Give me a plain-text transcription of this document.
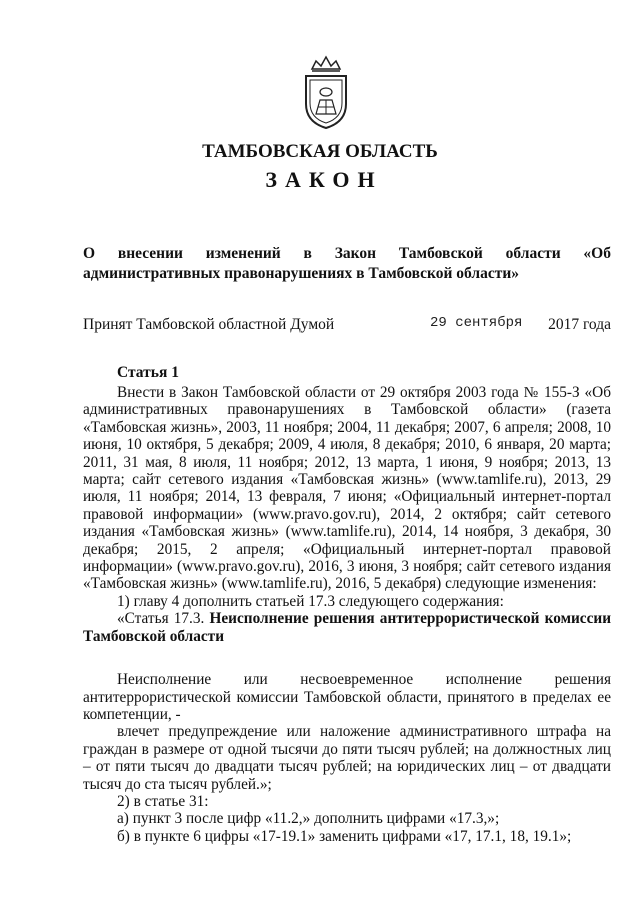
ТАМБОВСКАЯ ОБЛАСТЬ
ЗАКОН
О внесении изменений в Закон Тамбовской области «Об
административных правонарушениях в Тамбовской области»
Принят Тамбовской областной Думой	29 сентября 2017 года
Статья 1
Внести в Закон Тамбовской области от 29 октября 2003 года № 155-З «Об
административных правонарушениях в Тамбовской области» (газета
«Тамбовская жизнь», 2003, 11 ноября; 2004, 11 декабря; 2007, 6 апреля; 2008, 10
июня, 10 октября, 5 декабря; 2009, 4 июля, 8 декабря; 2010, 6 января, 20 марта;
2011, 31 мая, 8 июля, 11 ноября; 2012, 13 марта, 1 июня, 9 ноября; 2013, 13
марта; сайт сетевого издания «Тамбовская жизнь» (www.tamlife.ru), 2013, 29
июля, 11 ноября; 2014, 13 февраля, 7 июня; «Официальный интернет-портал
правовой информации» (www.pravo.gov.ru), 2014, 2 октября; сайт сетевого
издания «Тамбовская жизнь» (www.tamlife.ru), 2014, 14 ноября, 3 декабря, 30
декабря; 2015, 2 апреля; «Официальный интернет-портал правовой
информации» (www.pravo.gov.ru), 2016, 3 июня, 3 ноября; сайт сетевого издания
«Тамбовская жизнь» (www.tamlife.ru), 2016, 5 декабря) следующие изменения:
1) главу 4 дополнить статьей 17.3 следующего содержания:
«Статья 17.3. Неисполнение решения антитеррористической комиссии
Тамбовской области
Неисполнение или несвоевременное исполнение решения
антитеррористической комиссии Тамбовской области, принятого в пределах ее
компетенции, -
влечет предупреждение или наложение административного штрафа на
граждан в размере от одной тысячи до пяти тысяч рублей; на должностных лиц
– от пяти тысяч до двадцати тысяч рублей; на юридических лиц – от двадцати
тысяч до ста тысяч рублей.»;
2) в статье 31:
а) пункт 3 после цифр «11.2,» дополнить цифрами «17.3,»;
б) в пункте 6 цифры «17-19.1» заменить цифрами «17, 17.1, 18, 19.1»;
